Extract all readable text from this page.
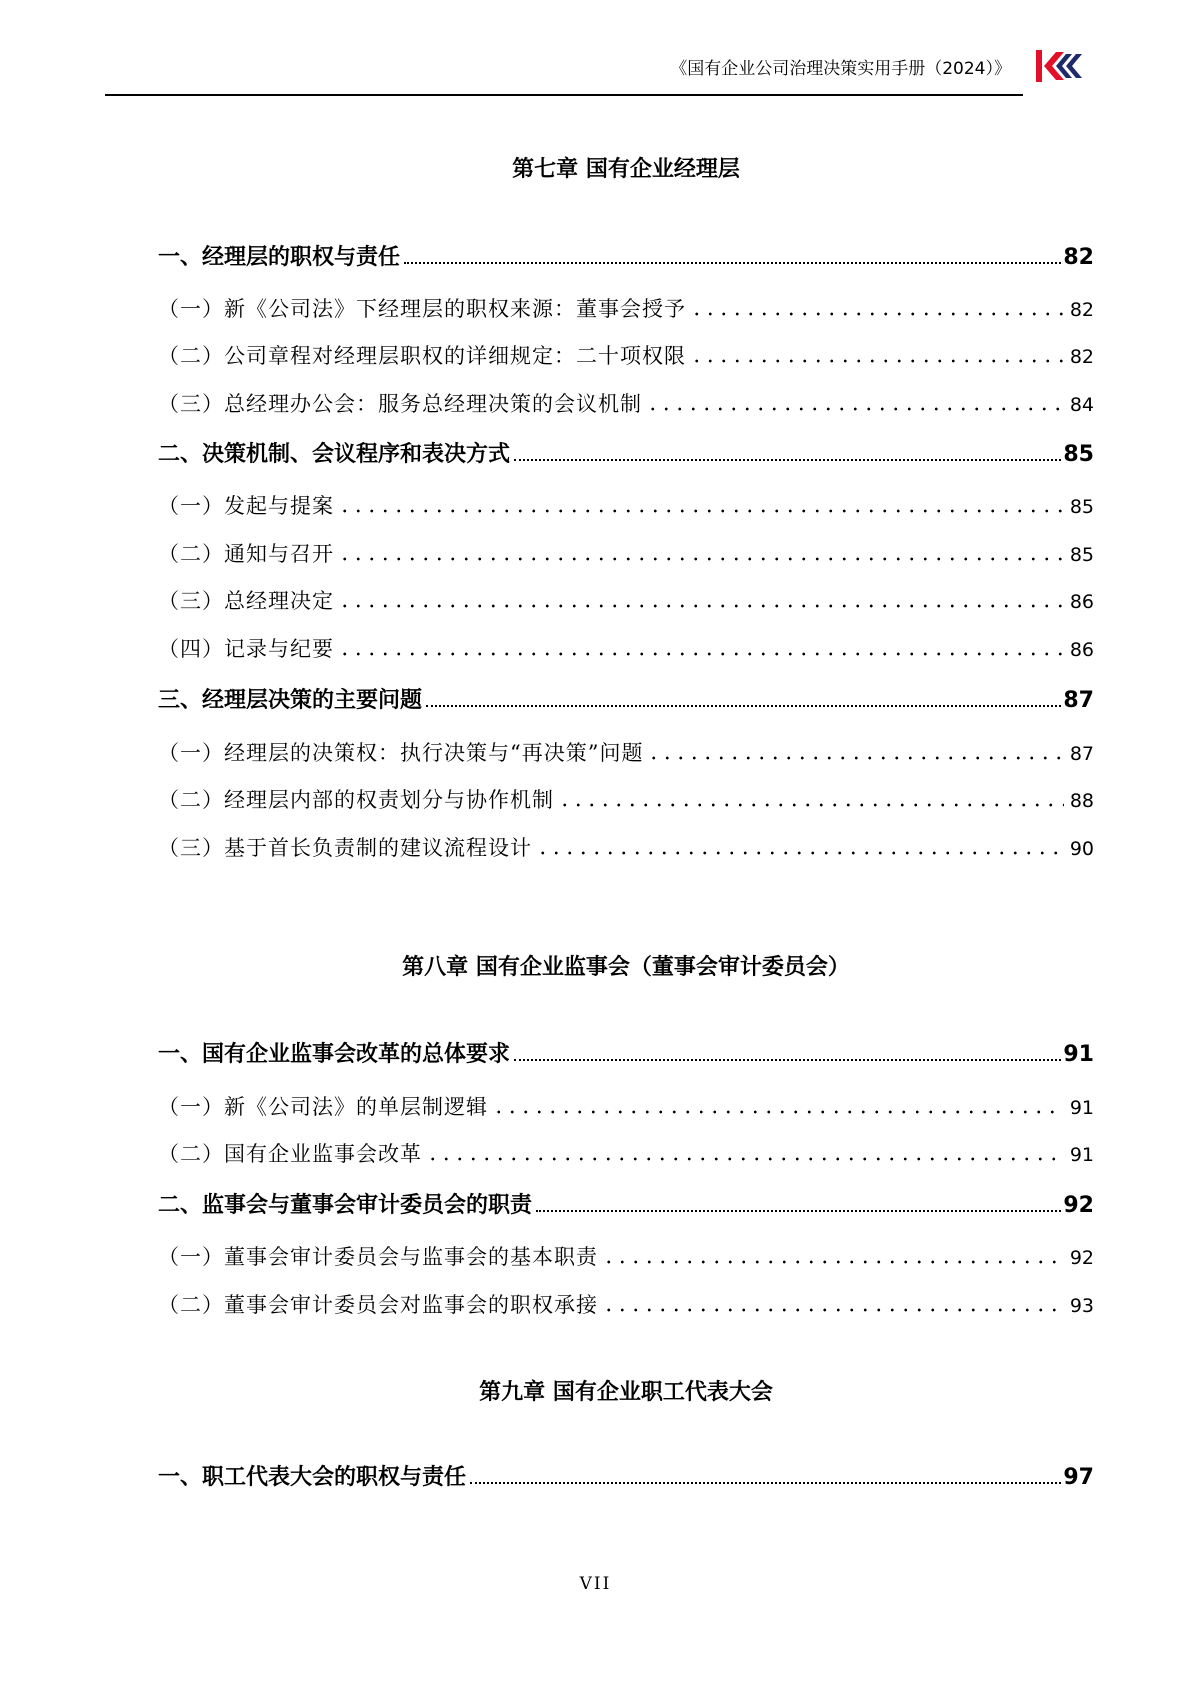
《国有企业公司治理决策实用手册（2024）》
第七章 国有企业经理层
一、经理层的职权与责任	82
（一）新《公司法》下经理层的职权来源：董事会授予	82
（二）公司章程对经理层职权的详细规定：二十项权限	82
（三）总经理办公会：服务总经理决策的会议机制	84
二、决策机制、会议程序和表决方式	85
（一）发起与提案	85
（二）通知与召开	85
（三）总经理决定	86
（四）记录与纪要	86
三、经理层决策的主要问题	87
（一）经理层的决策权：执行决策与“再决策”问题	87
（二）经理层内部的权责划分与协作机制	88
（三）基于首长负责制的建议流程设计	90
第八章 国有企业监事会（董事会审计委员会）
一、国有企业监事会改革的总体要求	91
（一）新《公司法》的单层制逻辑	91
（二）国有企业监事会改革	91
二、监事会与董事会审计委员会的职责	92
（一）董事会审计委员会与监事会的基本职责	92
（二）董事会审计委员会对监事会的职权承接	93
第九章 国有企业职工代表大会
一、职工代表大会的职权与责任	97
VII
